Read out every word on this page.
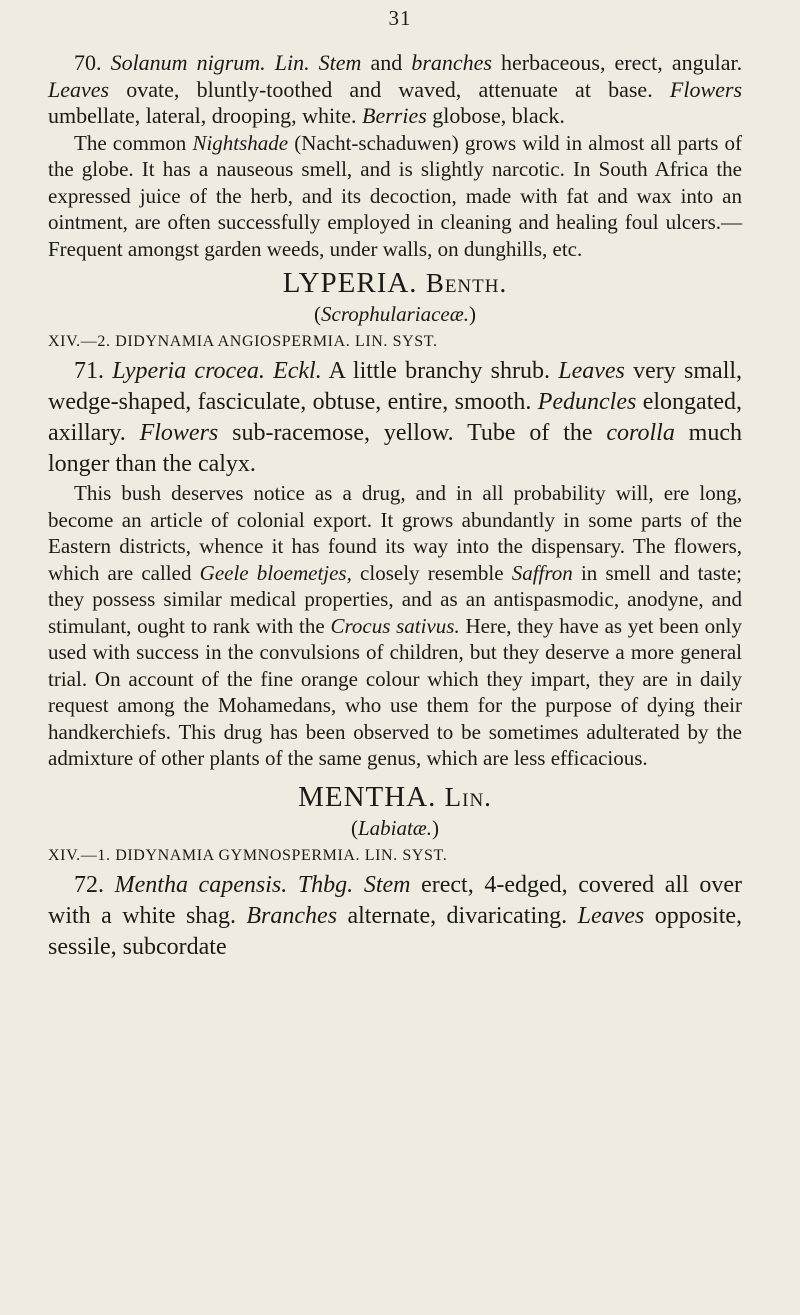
31

70. Solanum nigrum. Lin. Stem and branches herbaceous, erect, angular. Leaves ovate, bluntly-toothed and waved, attenuate at base. Flowers umbellate, lateral, drooping, white. Berries globose, black.

The common Nightshade (Nacht-schaduwen) grows wild in almost all parts of the globe. It has a nauseous smell, and is slightly narcotic. In South Africa the expressed juice of the herb, and its decoction, made with fat and wax into an ointment, are often successfully employed in cleaning and healing foul ulcers.—Frequent amongst garden weeds, under walls, on dunghills, etc.

LYPERIA. Benth.
(Scrophulariaceæ.)
XIV.—2. DIDYNAMIA ANGIOSPERMIA. LIN. SYST.

71. Lyperia crocea. Eckl. A little branchy shrub. Leaves very small, wedge-shaped, fasciculate, obtuse, entire, smooth. Peduncles elongated, axillary. Flowers sub-racemose, yellow. Tube of the corolla much longer than the calyx.

This bush deserves notice as a drug, and in all probability will, ere long, become an article of colonial export. It grows abundantly in some parts of the Eastern districts, whence it has found its way into the dispensary. The flowers, which are called Geele bloemetjes, closely resemble Saffron in smell and taste; they possess similar medical properties, and as an antispasmodic, anodyne, and stimulant, ought to rank with the Crocus sativus. Here, they have as yet been only used with success in the convulsions of children, but they deserve a more general trial. On account of the fine orange colour which they impart, they are in daily request among the Mohamedans, who use them for the purpose of dying their handkerchiefs. This drug has been observed to be sometimes adulterated by the admixture of other plants of the same genus, which are less efficacious.

MENTHA. Lin.
(Labiatæ.)
XIV.—1. DIDYNAMIA GYMNOSPERMIA. LIN. SYST.

72. Mentha capensis. Thbg. Stem erect, 4-edged, covered all over with a white shag. Branches alternate, divaricating. Leaves opposite, sessile, subcordate
